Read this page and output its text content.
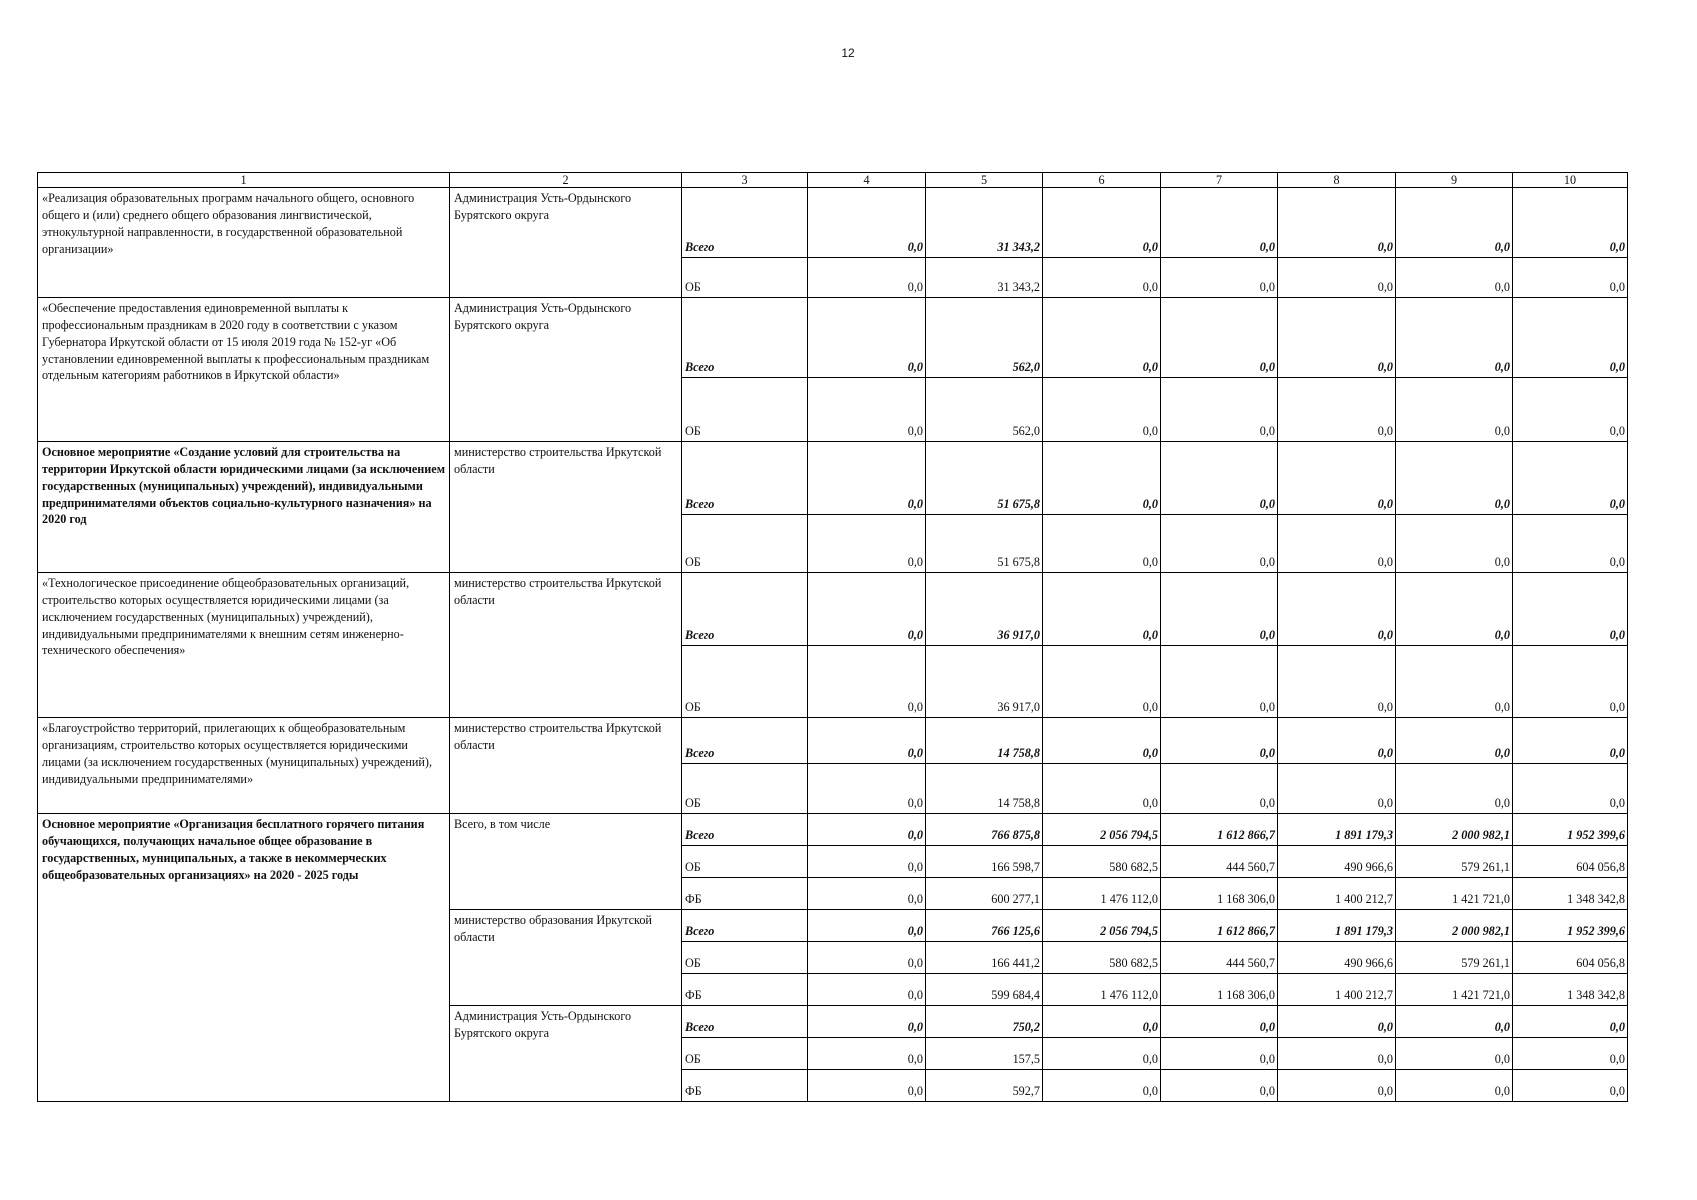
12
1	2	3	4	5	6	7	8	9	10
«Реализация образовательных программ начального общего, основного общего и (или) среднего общего образования лингвистической, этнокультурной направленности, в государственной образовательной организации»	Администрация Усть-Ордынского Бурятского округа	Всего	0,0	31 343,2	0,0	0,0	0,0	0,0	0,0
		ОБ	0,0	31 343,2	0,0	0,0	0,0	0,0	0,0
«Обеспечение предоставления единовременной выплаты к профессиональным праздникам в 2020 году в соответствии с указом Губернатора Иркутской области от 15 июля 2019 года № 152-уг «Об установлении единовременной выплаты к профессиональным праздникам отдельным категориям работников в Иркутской области»	Администрация Усть-Ордынского Бурятского округа	Всего	0,0	562,0	0,0	0,0	0,0	0,0	0,0
		ОБ	0,0	562,0	0,0	0,0	0,0	0,0	0,0
Основное мероприятие «Создание условий для строительства на территории Иркутской области юридическими лицами (за исключением государственных (муниципальных) учреждений), индивидуальными предпринимателями объектов социально-культурного назначения» на 2020 год	министерство строительства Иркутской области	Всего	0,0	51 675,8	0,0	0,0	0,0	0,0	0,0
		ОБ	0,0	51 675,8	0,0	0,0	0,0	0,0	0,0
«Технологическое присоединение общеобразовательных организаций, строительство которых осуществляется юридическими лицами (за исключением государственных (муниципальных) учреждений), индивидуальными предпринимателями к внешним сетям инженерно-технического обеспечения»	министерство строительства Иркутской области	Всего	0,0	36 917,0	0,0	0,0	0,0	0,0	0,0
		ОБ	0,0	36 917,0	0,0	0,0	0,0	0,0	0,0
«Благоустройство территорий, прилегающих к общеобразовательным организациям, строительство которых осуществляется юридическими лицами (за исключением государственных (муниципальных) учреждений), индивидуальными предпринимателями»	министерство строительства Иркутской области	Всего	0,0	14 758,8	0,0	0,0	0,0	0,0	0,0
		ОБ	0,0	14 758,8	0,0	0,0	0,0	0,0	0,0
Основное мероприятие «Организация бесплатного горячего питания обучающихся, получающих начальное общее образование в государственных, муниципальных, а также в некоммерческих общеобразовательных организациях» на 2020 - 2025 годы	Всего, в том числе	Всего	0,0	766 875,8	2 056 794,5	1 612 866,7	1 891 179,3	2 000 982,1	1 952 399,6
		ОБ	0,0	166 598,7	580 682,5	444 560,7	490 966,6	579 261,1	604 056,8
		ФБ	0,0	600 277,1	1 476 112,0	1 168 306,0	1 400 212,7	1 421 721,0	1 348 342,8
	министерство образования Иркутской области	Всего	0,0	766 125,6	2 056 794,5	1 612 866,7	1 891 179,3	2 000 982,1	1 952 399,6
		ОБ	0,0	166 441,2	580 682,5	444 560,7	490 966,6	579 261,1	604 056,8
		ФБ	0,0	599 684,4	1 476 112,0	1 168 306,0	1 400 212,7	1 421 721,0	1 348 342,8
	Администрация Усть-Ордынского Бурятского округа	Всего	0,0	750,2	0,0	0,0	0,0	0,0	0,0
		ОБ	0,0	157,5	0,0	0,0	0,0	0,0	0,0
		ФБ	0,0	592,7	0,0	0,0	0,0	0,0	0,0
